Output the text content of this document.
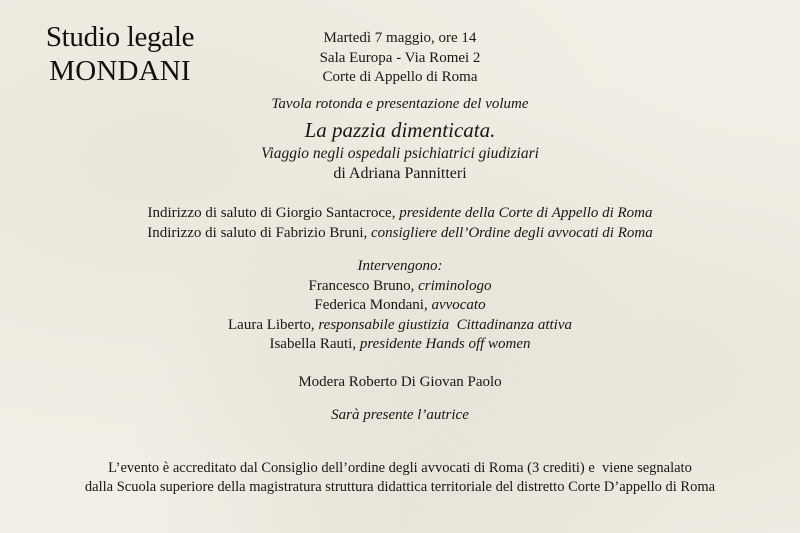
Studio legale
MONDANI
Martedì 7 maggio, ore 14
Sala Europa - Via Romei 2
Corte di Appello di Roma
Tavola rotonda e presentazione del volume
La pazzia dimenticata.
Viaggio negli ospedali psichiatrici giudiziari
di Adriana Pannitteri
Indirizzo di saluto di Giorgio Santacroce, presidente della Corte di Appello di Roma
Indirizzo di saluto di Fabrizio Bruni, consigliere dell’Ordine degli avvocati di Roma
Intervengono:
Francesco Bruno, criminologo
Federica Mondani, avvocato
Laura Liberto, responsabile giustizia  Cittadinanza attiva
Isabella Rauti, presidente Hands off women
Modera Roberto Di Giovan Paolo
Sarà presente l’autrice
L’evento è accreditato dal Consiglio dell’ordine degli avvocati di Roma (3 crediti) e  viene segnalato
dalla Scuola superiore della magistratura struttura didattica territoriale del distretto Corte D’appello di Roma
